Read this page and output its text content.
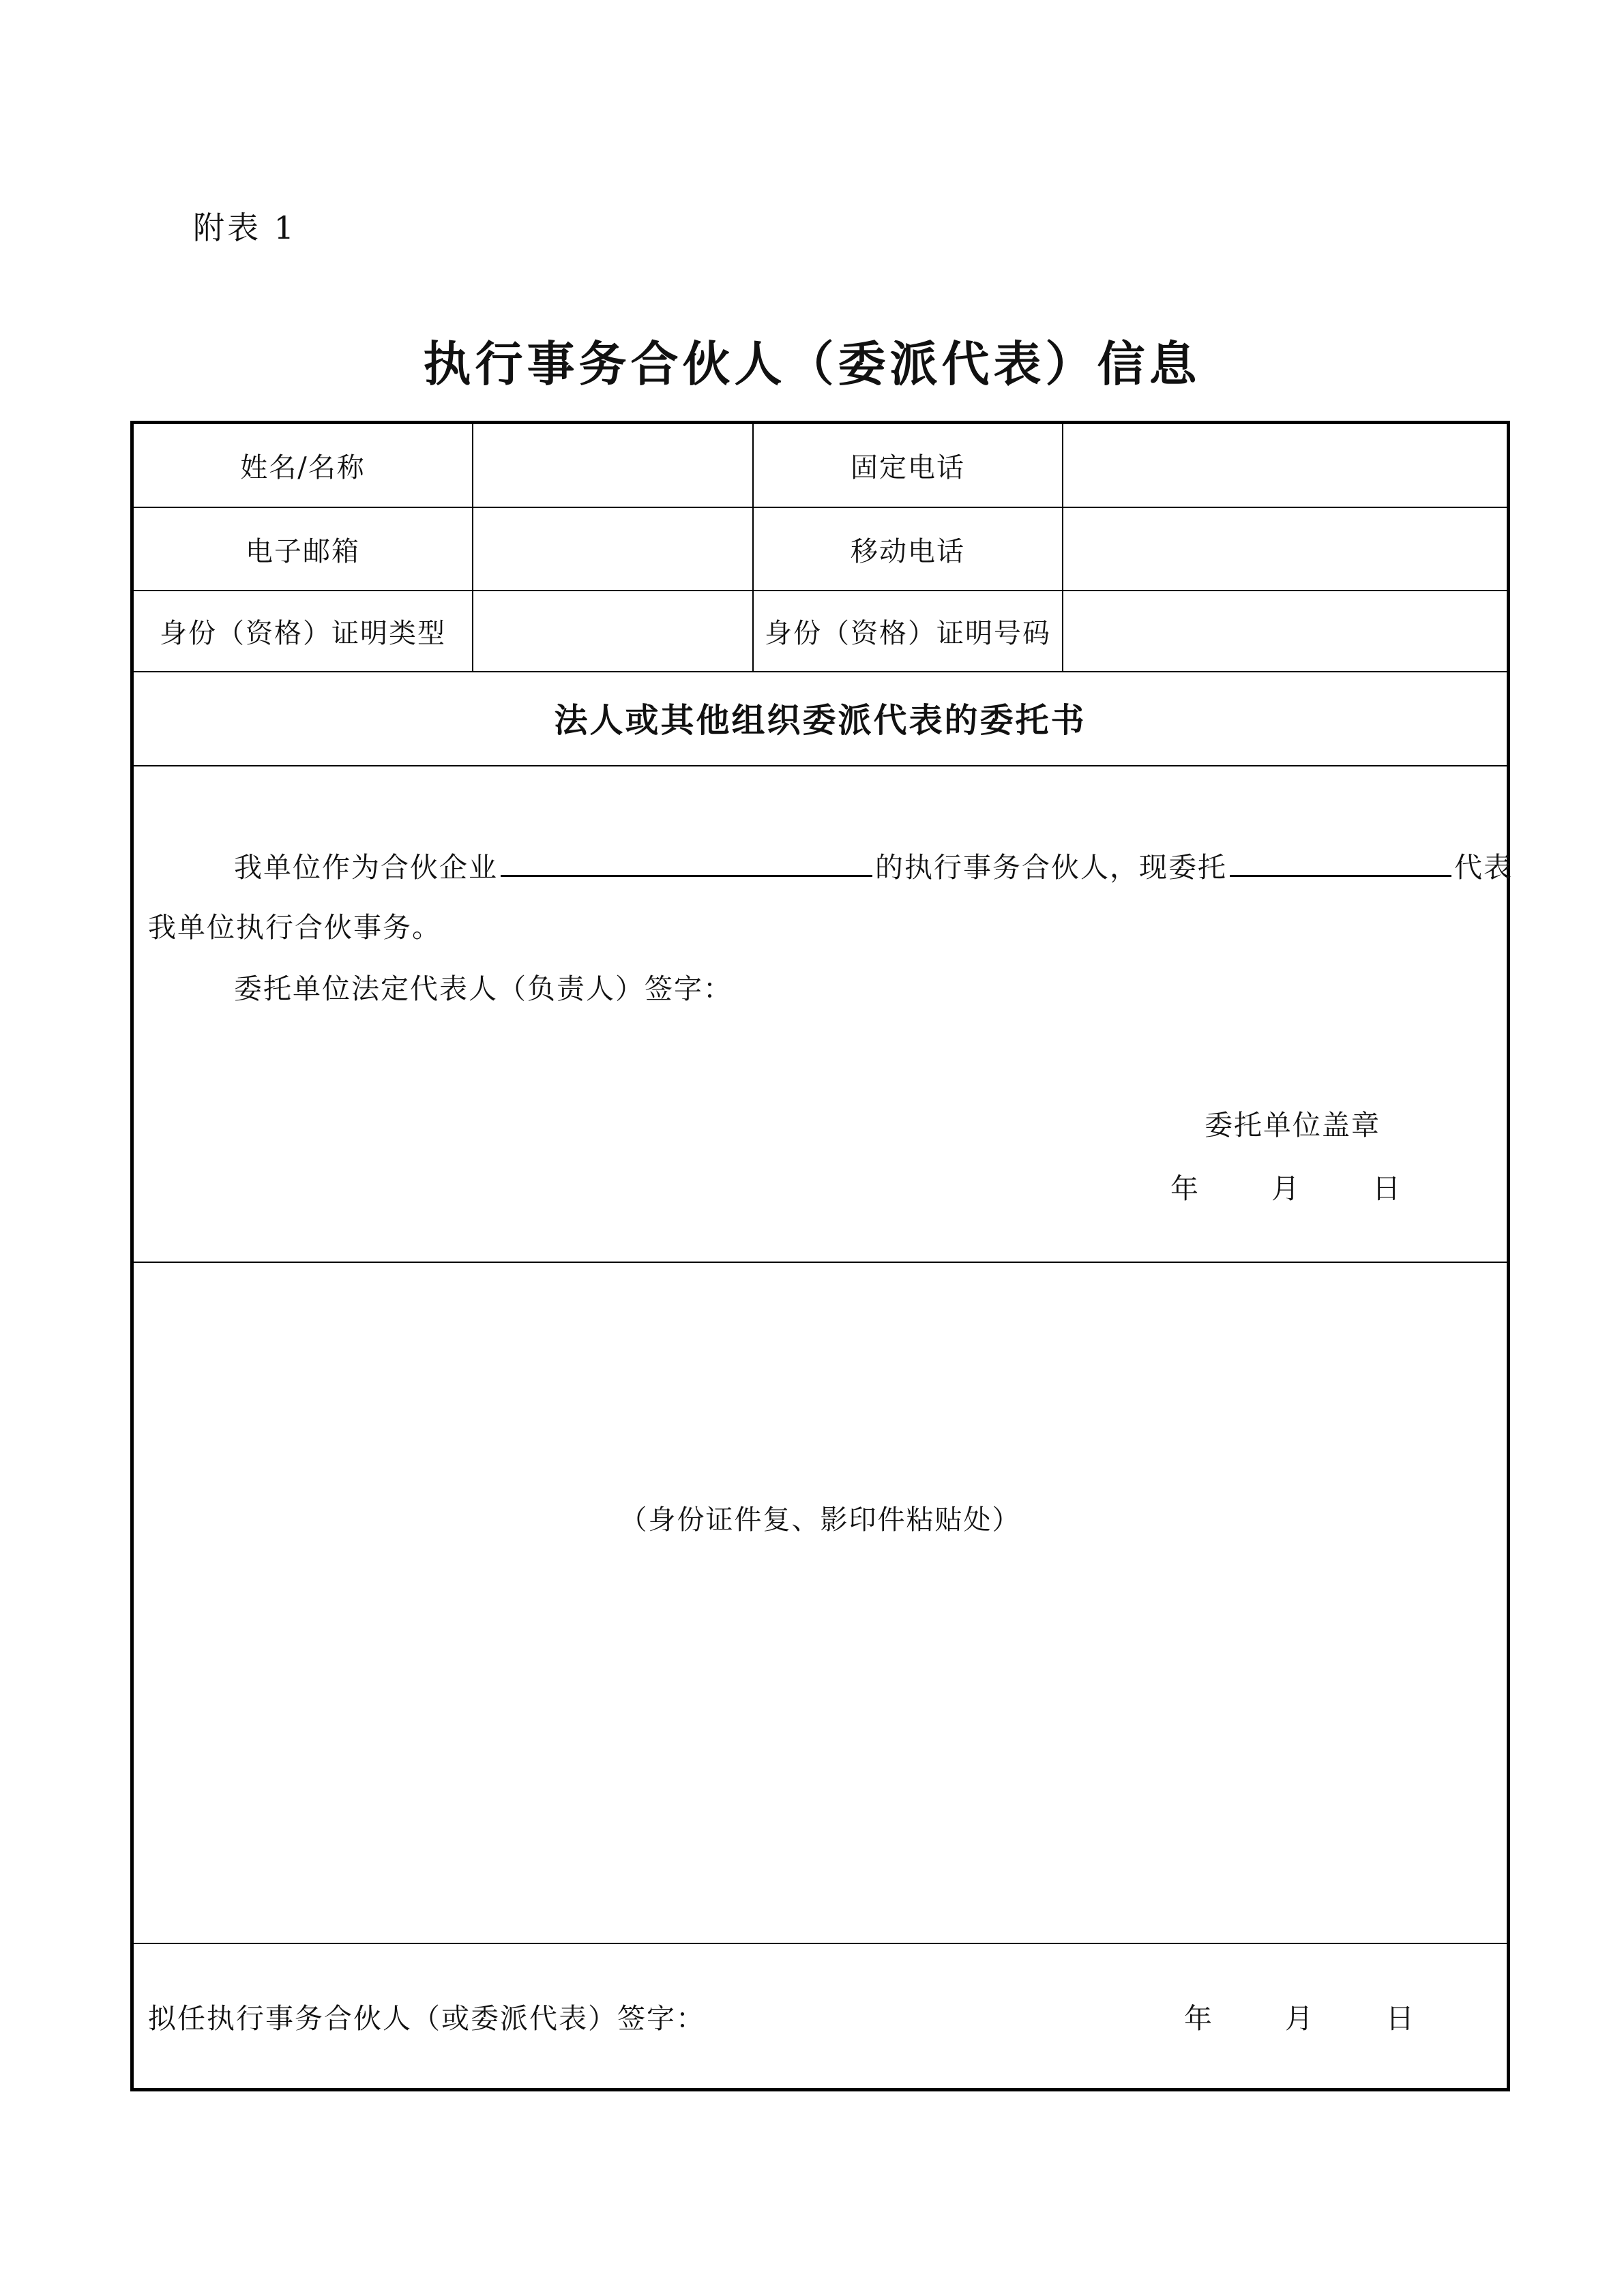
附表 1
执行事务合伙人（委派代表）信息
姓名/名称	固定电话
电子邮箱	移动电话
身份（资格）证明类型	身份（资格）证明号码
法人或其他组织委派代表的委托书
我单位作为合伙企业	的执行事务合伙人，现委托	代表
我单位执行合伙事务。
委托单位法定代表人（负责人）签字：
委托单位盖章
年	月	日
（身份证件复、影印件粘贴处）
拟任执行事务合伙人（或委派代表）签字：	年	月	日
